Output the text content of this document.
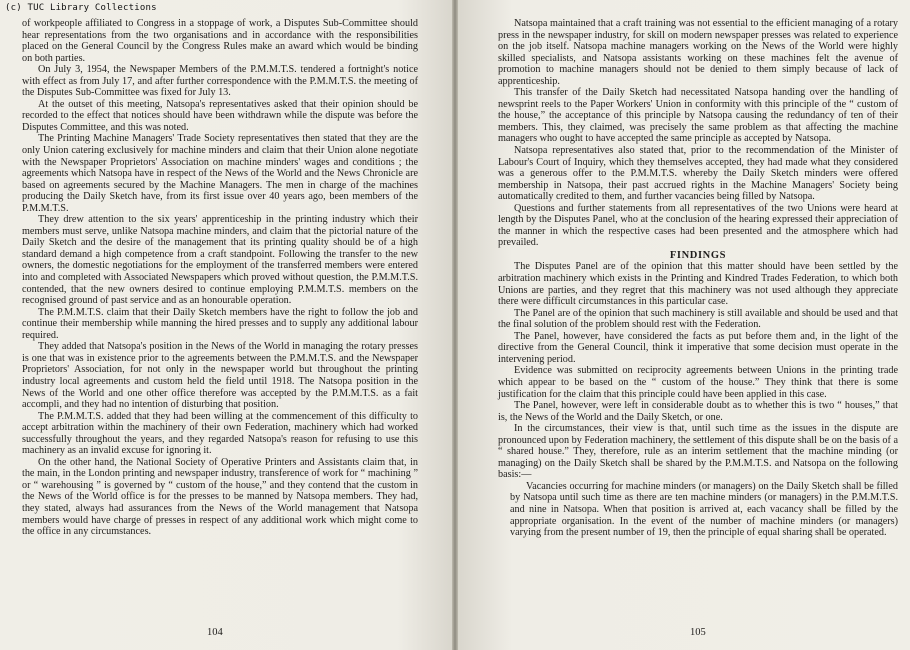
(c) TUC Library Collections

of workpeople affiliated to Congress in a stoppage of work, a Disputes Sub-Committee should hear representations from the two organisations and in accordance with the responsibilities placed on the General Council by the Congress Rules make an award which would be binding on both parties.

On July 3, 1954, the Newspaper Members of the P.M.M.T.S. tendered a fortnight's notice with effect as from July 17, and after further correspondence with the P.M.M.T.S. the meeting of the Disputes Sub-Committee was fixed for July 13.

At the outset of this meeting, Natsopa's representatives asked that their opinion should be recorded to the effect that notices should have been withdrawn while the dispute was before the Disputes Committee, and this was noted.

The Printing Machine Managers' Trade Society representatives then stated that they are the only Union catering exclusively for machine minders and claim that their Union alone negotiate with the Newspaper Proprietors' Association on machine minders' wages and conditions ; the agreements which Natsopa have in respect of the News of the World and the News Chronicle are based on agreements secured by the Machine Managers. The men in charge of the machines producing the Daily Sketch have, from its first issue over 40 years ago, been members of the P.M.M.T.S.

They drew attention to the six years' apprenticeship in the printing industry which their members must serve, unlike Natsopa machine minders, and claim that the pictorial nature of the Daily Sketch and the desire of the management that its printing quality should be of a high standard demand a high competence from a craft standpoint. Following the transfer to the new owners, the domestic negotiations for the employment of the transferred members were entered into and completed with Associated Newspapers which proved without question, the P.M.M.T.S. contended, that the new owners desired to continue employing P.M.M.T.S. members on the recognised ground of past service and as an honourable operation.

The P.M.M.T.S. claim that their Daily Sketch members have the right to follow the job and continue their membership while manning the hired presses and to supply any additional labour required.

They added that Natsopa's position in the News of the World in managing the rotary presses is one that was in existence prior to the agreements between the P.M.M.T.S. and the Newspaper Proprietors' Association, for not only in the newspaper world but throughout the printing industry local agreements and custom held the field until 1918. The Natsopa position in the News of the World and one other office therefore was accepted by the P.M.M.T.S. as a fait accompli, and they had no intention of disturbing that position.

The P.M.M.T.S. added that they had been willing at the commencement of this difficulty to accept arbitration within the machinery of their own Federation, machinery which had worked successfully throughout the years, and they regarded Natsopa's reason for refusing to use this machinery as an invalid excuse for ignoring it.

On the other hand, the National Society of Operative Printers and Assistants claim that, in the main, in the London printing and newspaper industry, transference of work for “ machining ” or “ warehousing ” is governed by “ custom of the house,” and they contend that the custom in the News of the World office is for the presses to be manned by Natsopa members. They had, they stated, always had assurances from the News of the World management that Natsopa members would have charge of presses in respect of any additional work which might come to the office in any circumstances.

104

Natsopa maintained that a craft training was not essential to the efficient managing of a rotary press in the newspaper industry, for skill on modern newspaper presses was related to experience on the job itself. Natsopa machine managers working on the News of the World were highly skilled specialists, and Natsopa assistants working on these machines felt the avenue of promotion to machine managers should not be denied to them simply because of lack of apprenticeship.

This transfer of the Daily Sketch had necessitated Natsopa handing over the handling of newsprint reels to the Paper Workers' Union in conformity with this principle of the “ custom of the house,” the acceptance of this principle by Natsopa causing the redundancy of ten of their members. This, they claimed, was precisely the same problem as that affecting the machine managers who ought to have accepted the same principle as accepted by Natsopa.

Natsopa representatives also stated that, prior to the recommendation of the Minister of Labour's Court of Inquiry, which they themselves accepted, they had made what they considered was a generous offer to the P.M.M.T.S. whereby the Daily Sketch minders were offered membership in Natsopa, their past accrued rights in the Machine Managers' Society being automatically credited to them, and further vacancies being filled by Natsopa.

Questions and further statements from all representatives of the two Unions were heard at length by the Disputes Panel, who at the conclusion of the hearing expressed their appreciation of the manner in which the respective cases had been presented and the atmosphere which had prevailed.

FINDINGS

The Disputes Panel are of the opinion that this matter should have been settled by the arbitration machinery which exists in the Printing and Kindred Trades Federation, to which both Unions are parties, and they regret that this machinery was not used although they appreciate there were difficult circumstances in this particular case.

The Panel are of the opinion that such machinery is still available and should be used and that the final solution of the problem should rest with the Federation.

The Panel, however, have considered the facts as put before them and, in the light of the directive from the General Council, think it imperative that some decision must operate in the intervening period.

Evidence was submitted on reciprocity agreements between Unions in the printing trade which appear to be based on the “ custom of the house.” They think that there is some justification for the claim that this principle could have been applied in this case.

The Panel, however, were left in considerable doubt as to whether this is two “ houses,” that is, the News of the World and the Daily Sketch, or one.

In the circumstances, their view is that, until such time as the issues in the dispute are pronounced upon by Federation machinery, the settlement of this dispute shall be on the basis of a “ shared house.” They, therefore, rule as an interim settlement that the machine minding (or managing) on the Daily Sketch shall be shared by the P.M.M.T.S. and Natsopa on the following basis:—

Vacancies occurring for machine minders (or managers) on the Daily Sketch shall be filled by Natsopa until such time as there are ten machine minders (or managers) in the P.M.M.T.S. and nine in Natsopa. When that position is arrived at, each vacancy shall be filled by the appropriate organisation. In the event of the number of machine minders (or managers) varying from the present number of 19, then the principle of equal sharing shall be operated.

105
